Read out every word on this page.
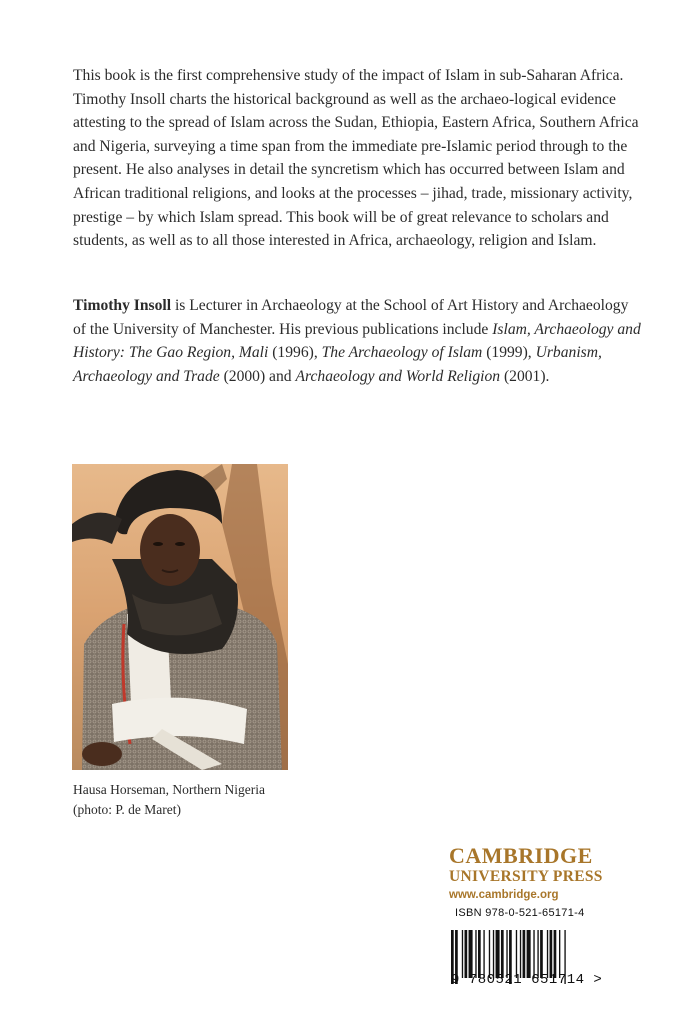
This book is the first comprehensive study of the impact of Islam in sub-Saharan Africa. Timothy Insoll charts the historical background as well as the archaeo-logical evidence attesting to the spread of Islam across the Sudan, Ethiopia, Eastern Africa, Southern Africa and Nigeria, surveying a time span from the immediate pre-Islamic period through to the present. He also analyses in detail the syncretism which has occurred between Islam and African traditional religions, and looks at the processes – jihad, trade, missionary activity, prestige – by which Islam spread. This book will be of great relevance to scholars and students, as well as to all those interested in Africa, archaeology, religion and Islam.

Timothy Insoll is Lecturer in Archaeology at the School of Art History and Archaeology of the University of Manchester. His previous publications include Islam, Archaeology and History: The Gao Region, Mali (1996), The Archaeology of Islam (1999), Urbanism, Archaeology and Trade (2000) and Archaeology and World Religion (2001).

Hausa Horseman, Northern Nigeria
(photo: P. de Maret)

CAMBRIDGE
UNIVERSITY PRESS
www.cambridge.org
ISBN 978-0-521-65171-4
9 780521 651714 >
